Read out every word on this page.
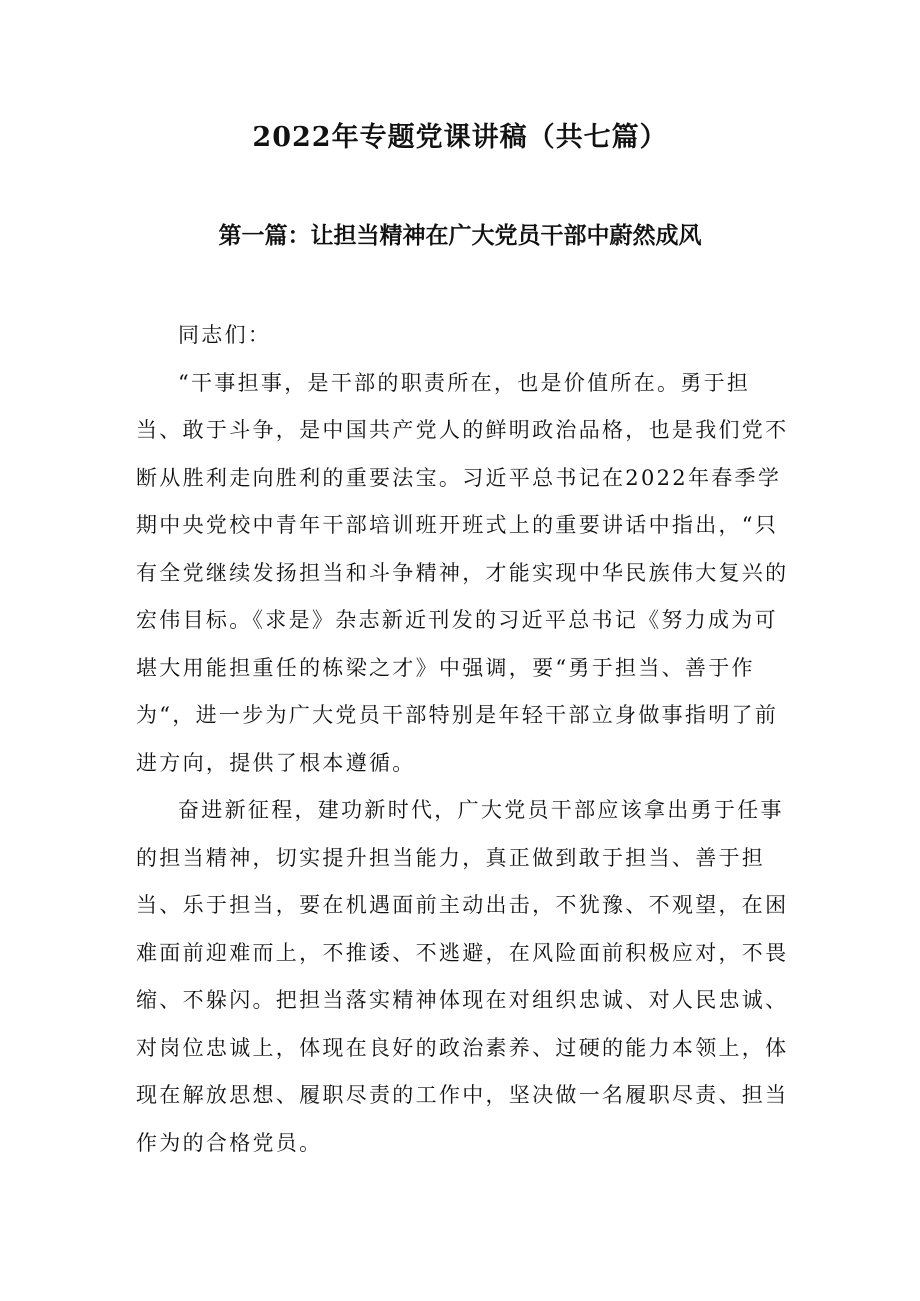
2022年专题党课讲稿（共七篇）
第一篇：让担当精神在广大党员干部中蔚然成风

同志们：

“干事担事，是干部的职责所在，也是价值所在。勇于担当、敢于斗争，是中国共产党人的鲜明政治品格，也是我们党不断从胜利走向胜利的重要法宝。习近平总书记在2022年春季学期中央党校中青年干部培训班开班式上的重要讲话中指出，“只有全党继续发扬担当和斗争精神，才能实现中华民族伟大复兴的宏伟目标。《求是》杂志新近刊发的习近平总书记《努力成为可堪大用能担重任的栋梁之才》中强调，要“勇于担当、善于作为“，进一步为广大党员干部特别是年轻干部立身做事指明了前进方向，提供了根本遵循。

奋进新征程，建功新时代，广大党员干部应该拿出勇于任事的担当精神，切实提升担当能力，真正做到敢于担当、善于担当、乐于担当，要在机遇面前主动出击，不犹豫、不观望，在困难面前迎难而上，不推诿、不逃避，在风险面前积极应对，不畏缩、不躲闪。把担当落实精神体现在对组织忠诚、对人民忠诚、对岗位忠诚上，体现在良好的政治素养、过硬的能力本领上，体现在解放思想、履职尽责的工作中，坚决做一名履职尽责、担当作为的合格党员。
